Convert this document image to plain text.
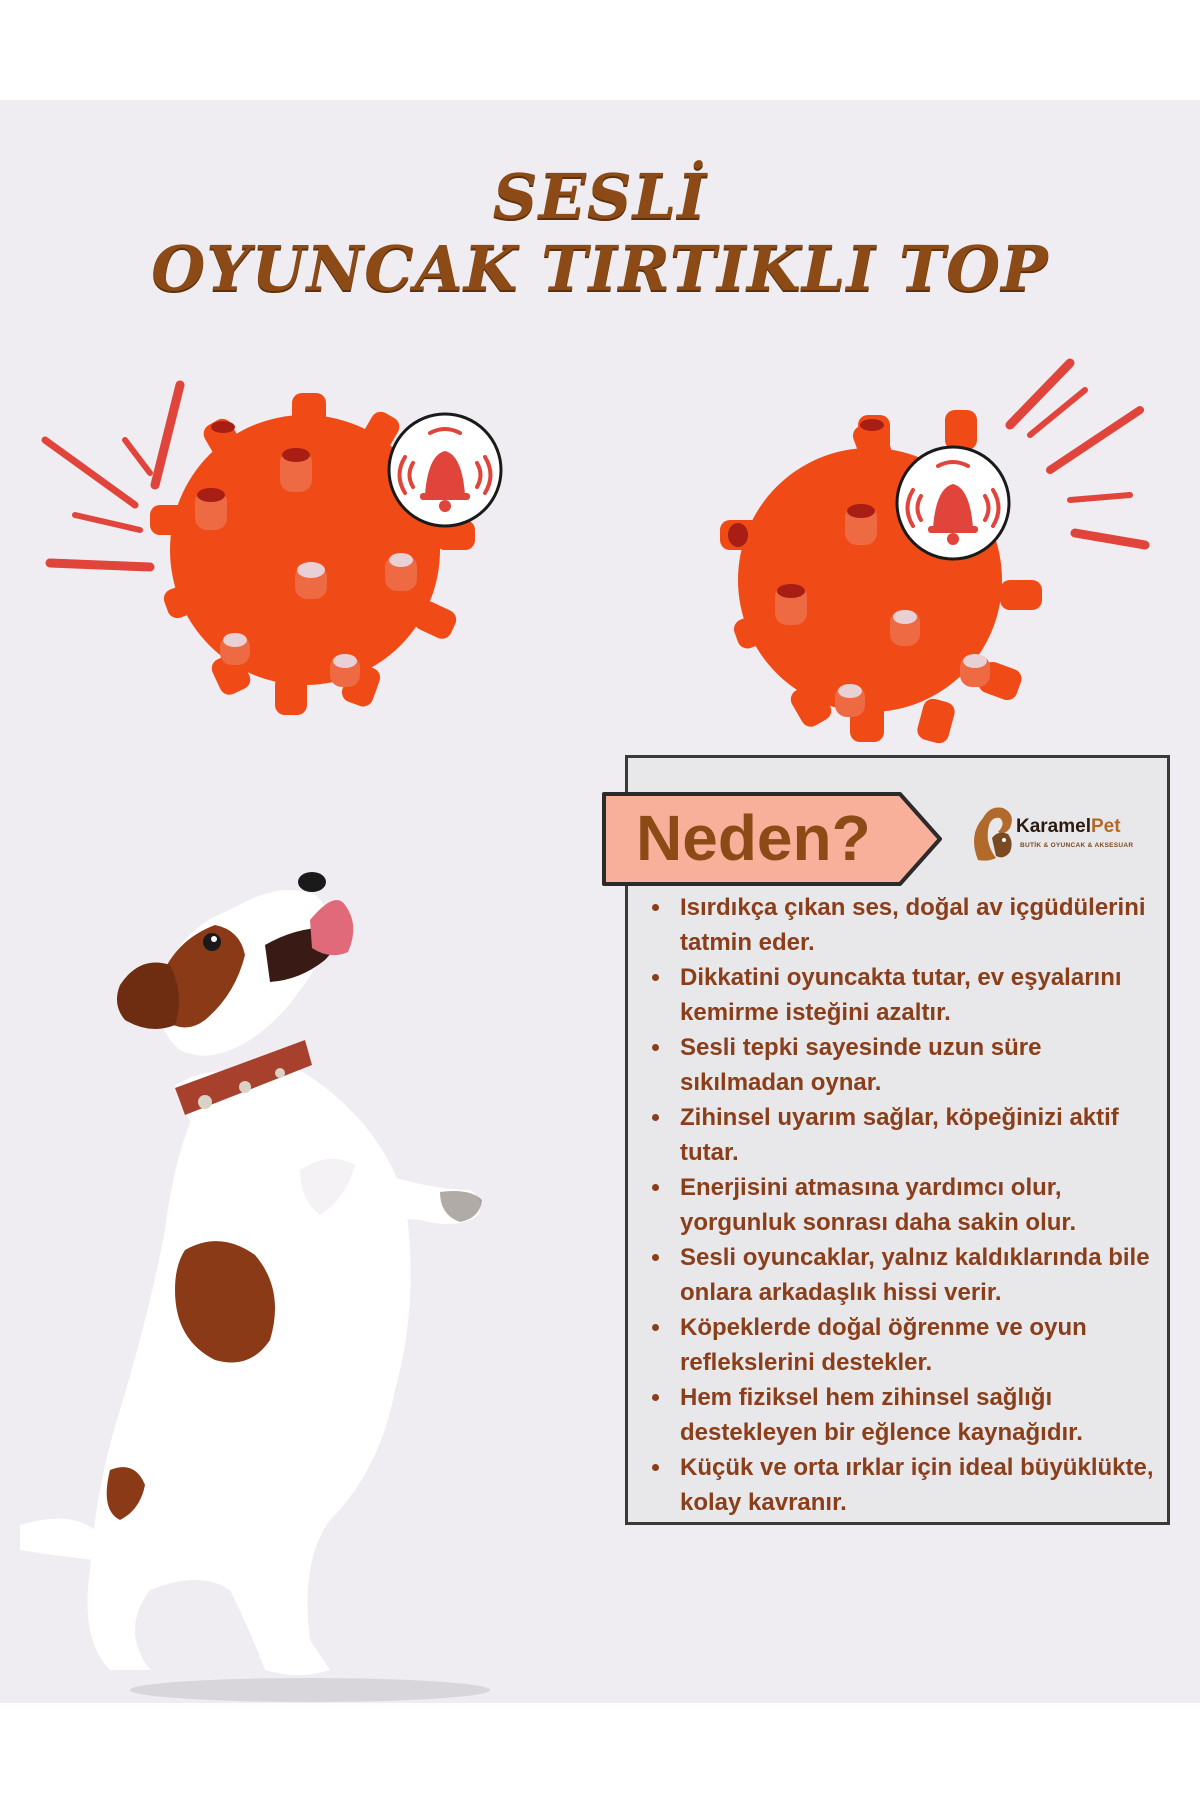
SESLİ
OYUNCAK TIRTIKLI TOP
Neden?	KaramelPet
BUTİK & OYUNCAK & AKSESUAR
Isırdıkça çıkan ses, doğal av içgüdülerini tatmin eder.
Dikkatini oyuncakta tutar, ev eşyalarını kemirme isteğini azaltır.
Sesli tepki sayesinde uzun süre sıkılmadan oynar.
Zihinsel uyarım sağlar, köpeğinizi aktif tutar.
Enerjisini atmasına yardımcı olur, yorgunluk sonrası daha sakin olur.
Sesli oyuncaklar, yalnız kaldıklarında bile onlara arkadaşlık hissi verir.
Köpeklerde doğal öğrenme ve oyun reflekslerini destekler.
Hem fiziksel hem zihinsel sağlığı destekleyen bir eğlence kaynağıdır.
Küçük ve orta ırklar için ideal büyüklükte, kolay kavranır.
